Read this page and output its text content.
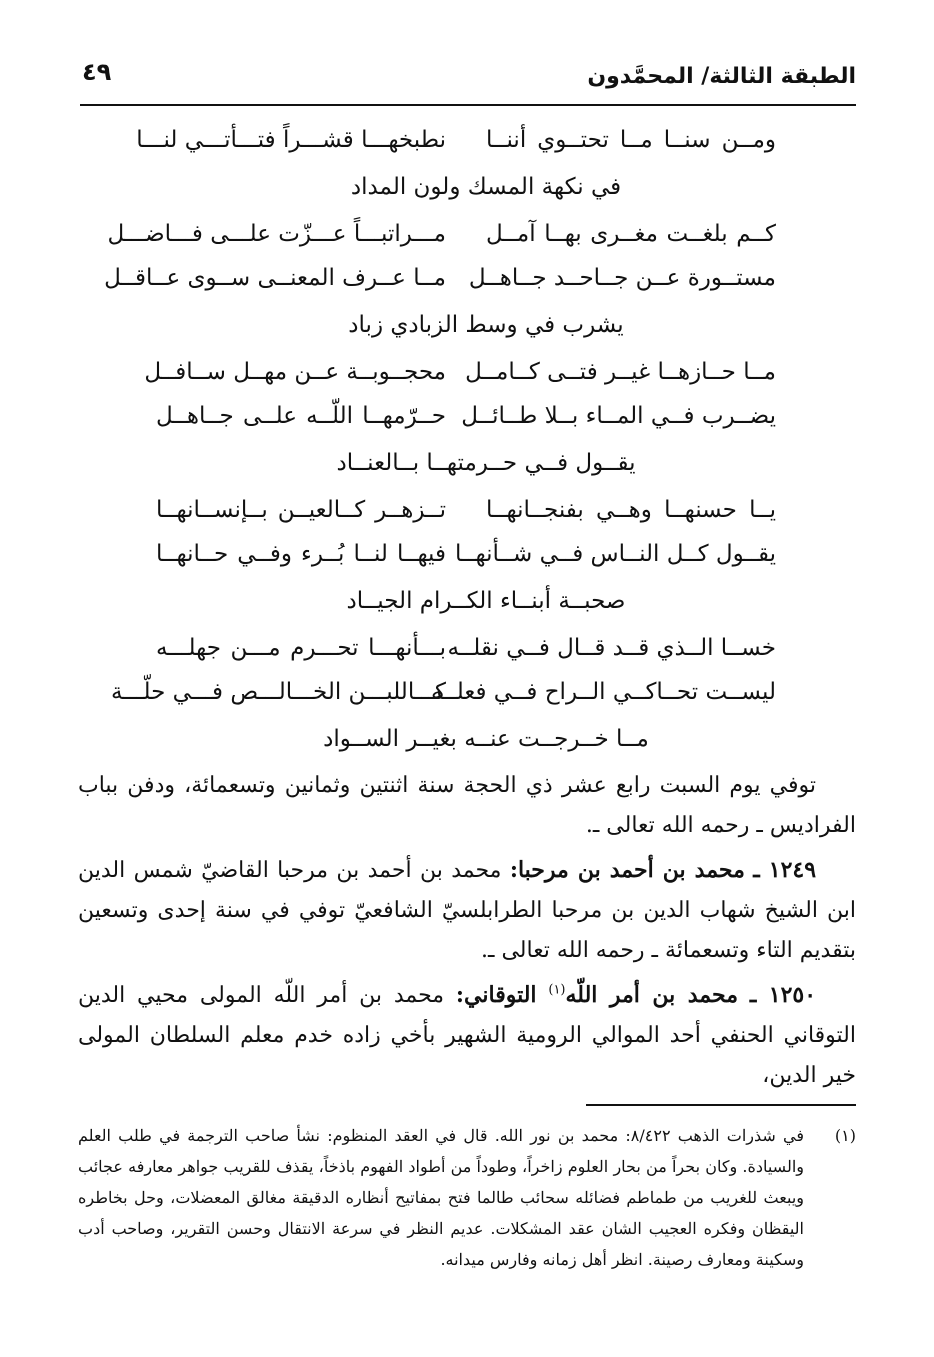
الطبقة الثالثة/ المحمَّدون
٤٩
ومــن سنــا مــا تحتــوي أننــا
نطبخهـــا قشـــراً فتـــأتـــي لنـــا
في نكهة المسك ولون المداد
كــم بلغــت مغــرى بهــا آمــل
مـــراتبـــاً عـــزّت علـــى فـــاضـــل
مستــورة عــن جــاحــد جــاهــل
مــا عــرف المعنــى ســوى عــاقــل
يشرب في وسط الزبادي زباد
مــا حــازهــا غيــر فتــى كــامــل
محجــوبــة عــن مهــل ســافــل
يضــرب فــي المــاء بــلا طــائــل
حــرّمهــا اللّــه علــى جــاهــل
يقــول فــي حــرمتهــا بــالعنــاد
يــا حسنهــا وهــي بفنجــانهــا
تــزهــر كــالعيــن بــإنســانهــا
يقــول كــل النــاس فــي شــأنهــا
فيهــا لنــا بُــرء وفــي حــانهــا
صحبــة أبنــاء الكــرام الجيــاد
خســا الــذي قــد قــال فــي نقلــه
بـــأنهـــا تحـــرم مـــن جهلـــه
ليســت تحــاكــي الــراح فــي فعلــه
كـــاللبـــن الخـــالـــص فـــي حلّـــة
مــا خــرجــت عنــه بغيــر الســواد

توفي يوم السبت رابع عشر ذي الحجة سنة اثنتين وثمانين وتسعمائة، ودفن بباب الفراديس ـ رحمه الله تعالى ـ.

١٢٤٩ ـ محمد بن أحمد بن مرحبا: محمد بن أحمد بن مرحبا القاضيّ شمس الدين ابن الشيخ شهاب الدين بن مرحبا الطرابلسيّ الشافعيّ توفي في سنة إحدى وتسعين بتقديم التاء وتسعمائة ـ رحمه الله تعالى ـ.

١٢٥٠ ـ محمد بن أمر اللّه$^{(١)}$ التوقاني: محمد بن أمر اللّه المولى محيي الدين التوقاني الحنفي أحد الموالي الرومية الشهير بأخي زاده خدم معلم السلطان المولى خير الدين،

(١)
في شذرات الذهب ٨/٤٢٢: محمد بن نور الله. قال في العقد المنظوم: نشأ صاحب الترجمة في طلب العلم والسيادة. وكان بحراً من بحار العلوم زاخراً، وطوداً من أطواد الفهوم باذخاً، يقذف للقريب جواهر معارفه عجائب ويبعث للغريب من طماطم فضائله سحائب طالما فتح بمفاتيح أنظاره الدقيقة مغالق المعضلات، وحل بخاطره اليقظان وفكره العجيب الشان عقد المشكلات. عديم النظر في سرعة الانتقال وحسن التقرير، وصاحب أدب وسكينة ومعارف رصينة. انظر أهل زمانه وفارس ميدانه.
